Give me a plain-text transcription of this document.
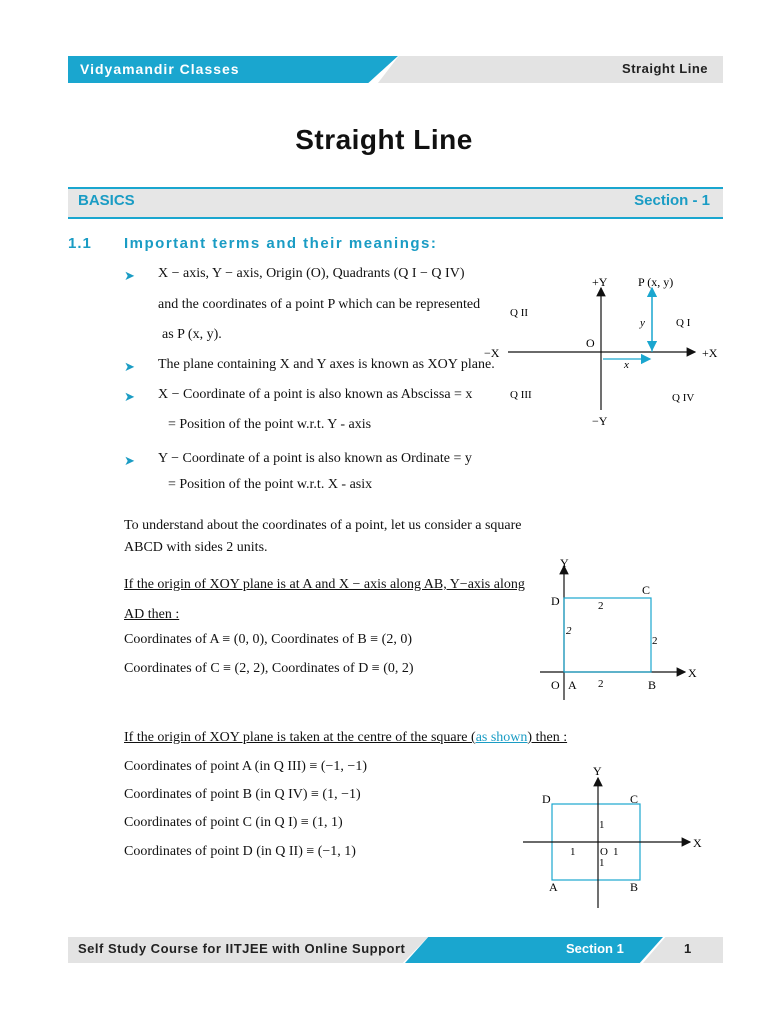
Vidyamandir Classes	Straight Line
Straight Line
BASICS	Section - 1
1.1 Important terms and their meanings:
➤ X − axis, Y − axis, Origin (O), Quadrants (Q I − Q IV)
and the coordinates of a point P which can be represented
as P (x, y).
➤ The plane containing X and Y axes is known as XOY plane.
➤ X − Coordinate of a point is also known as Abscissa = x
= Position of the point w.r.t. Y - axis
➤ Y − Coordinate of a point is also known as Ordinate = y
= Position of the point w.r.t. X - asix
To understand about the coordinates of a point, let us consider a square
ABCD with sides 2 units.
If the origin of XOY plane is at A and X − axis along AB, Y−axis along
AD then :
Coordinates of A ≡ (0, 0), Coordinates of B ≡ (2, 0)
Coordinates of C ≡ (2, 2), Coordinates of D ≡ (0, 2)
If the origin of XOY plane is taken at the centre of the square (as shown) then :
Coordinates of point A (in Q III) ≡ (−1, −1)
Coordinates of point B (in Q IV) ≡ (1, −1)
Coordinates of point C (in Q I) ≡ (1, 1)
Coordinates of point D (in Q II) ≡ (−1, 1)
+Y
−Y
+X
−X
O
P (x, y)
Q I
Q II
Q III	Q IV
x
y
Y
X
O A	B
C
D	2
2
2
2
Y
X
O
A	B
C
D
1
1	1
1
Self Study Course for IITJEE with Online Support	Section 1	1
